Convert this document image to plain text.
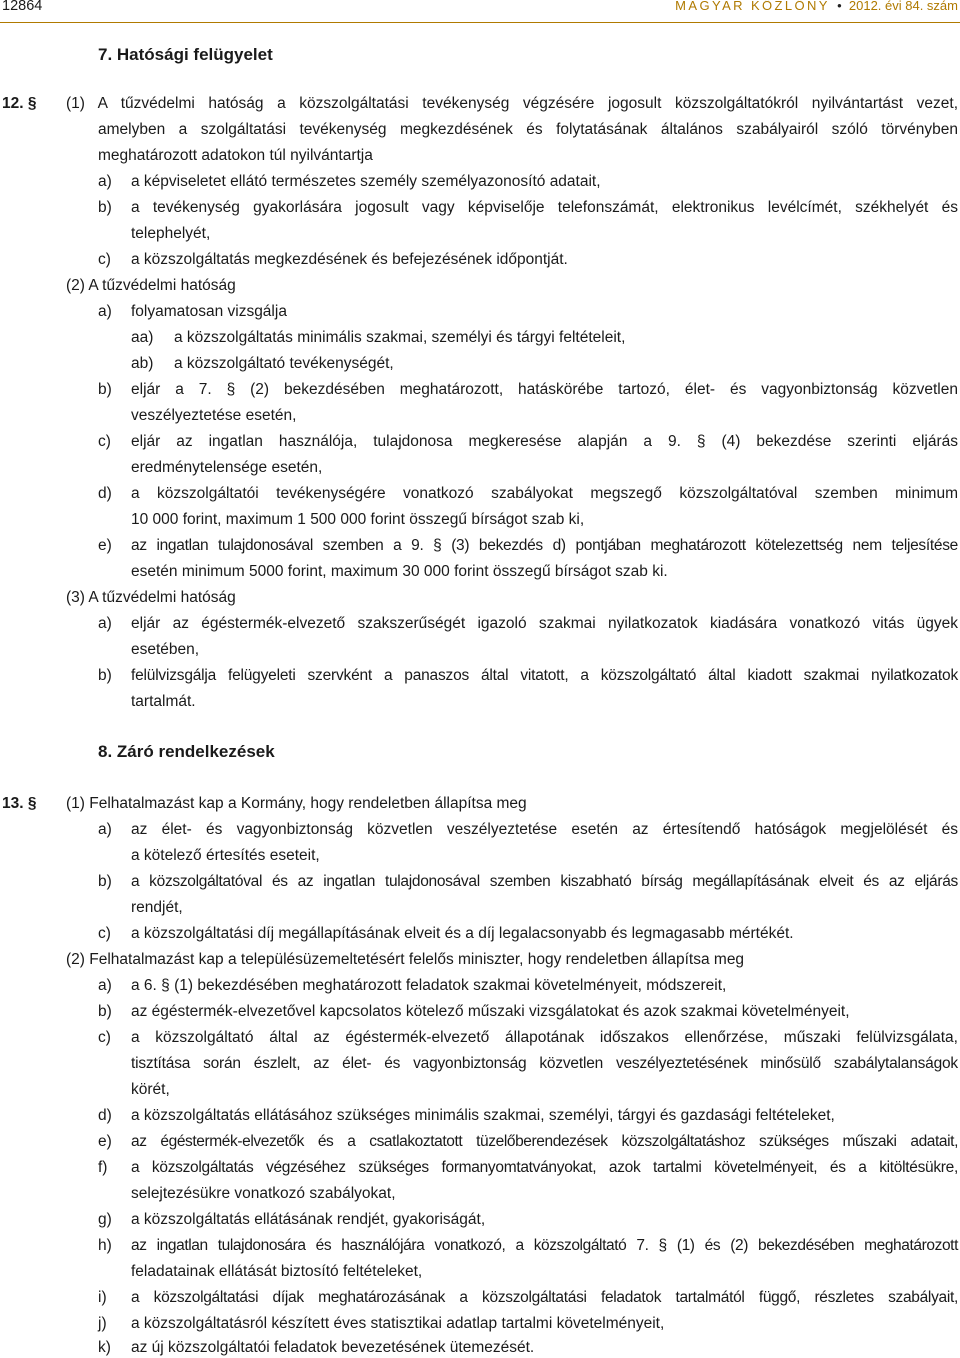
12864	MAGYAR KÖZLÖNY  •  2012. évi 84. szám
7. Hatósági felügyelet
12. § (1) A tűzvédelmi hatóság a közszolgáltatási tevékenység végzésére jogosult közszolgáltatókról nyilvántartást vezet,
amelyben a szolgáltatási tevékenység megkezdésének és folytatásának általános szabályairól szóló törvényben
meghatározott adatokon túl nyilvántartja
a) a képviseletet ellátó természetes személy személyazonosító adatait,
b) a tevékenység gyakorlására jogosult vagy képviselője telefonszámát, elektronikus levélcímét, székhelyét és
telephelyét,
c) a közszolgáltatás megkezdésének és befejezésének időpontját.
(2) A tűzvédelmi hatóság
a) folyamatosan vizsgálja
aa) a közszolgáltatás minimális szakmai, személyi és tárgyi feltételeit,
ab) a közszolgáltató tevékenységét,
b) eljár a 7. § (2) bekezdésében meghatározott, hatáskörébe tartozó, élet- és vagyonbiztonság közvetlen
veszélyeztetése esetén,
c) eljár az ingatlan használója, tulajdonosa megkeresése alapján a 9. § (4) bekezdése szerinti eljárás
eredménytelensége esetén,
d) a közszolgáltatói tevékenységére vonatkozó szabályokat megszegő közszolgáltatóval szemben minimum
10 000 forint, maximum 1 500 000 forint összegű bírságot szab ki,
e) az ingatlan tulajdonosával szemben a 9. § (3) bekezdés d) pontjában meghatározott kötelezettség nem teljesítése
esetén minimum 5000 forint, maximum 30 000 forint összegű bírságot szab ki.
(3) A tűzvédelmi hatóság
a) eljár az égéstermék-elvezető szakszerűségét igazoló szakmai nyilatkozatok kiadására vonatkozó vitás ügyek
esetében,
b) felülvizsgálja felügyeleti szervként a panaszos által vitatott, a közszolgáltató által kiadott szakmai nyilatkozatok
tartalmát.
8. Záró rendelkezések
13. § (1) Felhatalmazást kap a Kormány, hogy rendeletben állapítsa meg
a) az élet- és vagyonbiztonság közvetlen veszélyeztetése esetén az értesítendő hatóságok megjelölését és
a kötelező értesítés eseteit,
b) a közszolgáltatóval és az ingatlan tulajdonosával szemben kiszabható bírság megállapításának elveit és az eljárás
rendjét,
c) a közszolgáltatási díj megállapításának elveit és a díj legalacsonyabb és legmagasabb mértékét.
(2) Felhatalmazást kap a településüzemeltetésért felelős miniszter, hogy rendeletben állapítsa meg
a) a 6. § (1) bekezdésében meghatározott feladatok szakmai követelményeit, módszereit,
b) az égéstermék-elvezetővel kapcsolatos kötelező műszaki vizsgálatokat és azok szakmai követelményeit,
c) a közszolgáltató által az égéstermék-elvezető állapotának időszakos ellenőrzése, műszaki felülvizsgálata,
tisztítása során észlelt, az élet- és vagyonbiztonság közvetlen veszélyeztetésének minősülő szabálytalanságok
körét,
d) a közszolgáltatás ellátásához szükséges minimális szakmai, személyi, tárgyi és gazdasági feltételeket,
e) az égéstermék-elvezetők és a csatlakoztatott tüzelőberendezések közszolgáltatáshoz szükséges műszaki adatait,
f) a közszolgáltatás végzéséhez szükséges formanyomtatványokat, azok tartalmi követelményeit, és a kitöltésükre,
selejtezésükre vonatkozó szabályokat,
g) a közszolgáltatás ellátásának rendjét, gyakoriságát,
h) az ingatlan tulajdonosára és használójára vonatkozó, a közszolgáltató 7. § (1) és (2) bekezdésében meghatározott
feladatainak ellátását biztosító feltételeket,
i) a közszolgáltatási díjak meghatározásának a közszolgáltatási feladatok tartalmától függő, részletes szabályait,
j) a közszolgáltatásról készített éves statisztikai adatlap tartalmi követelményeit,
k) az új közszolgáltatói feladatok bevezetésének ütemezését.
